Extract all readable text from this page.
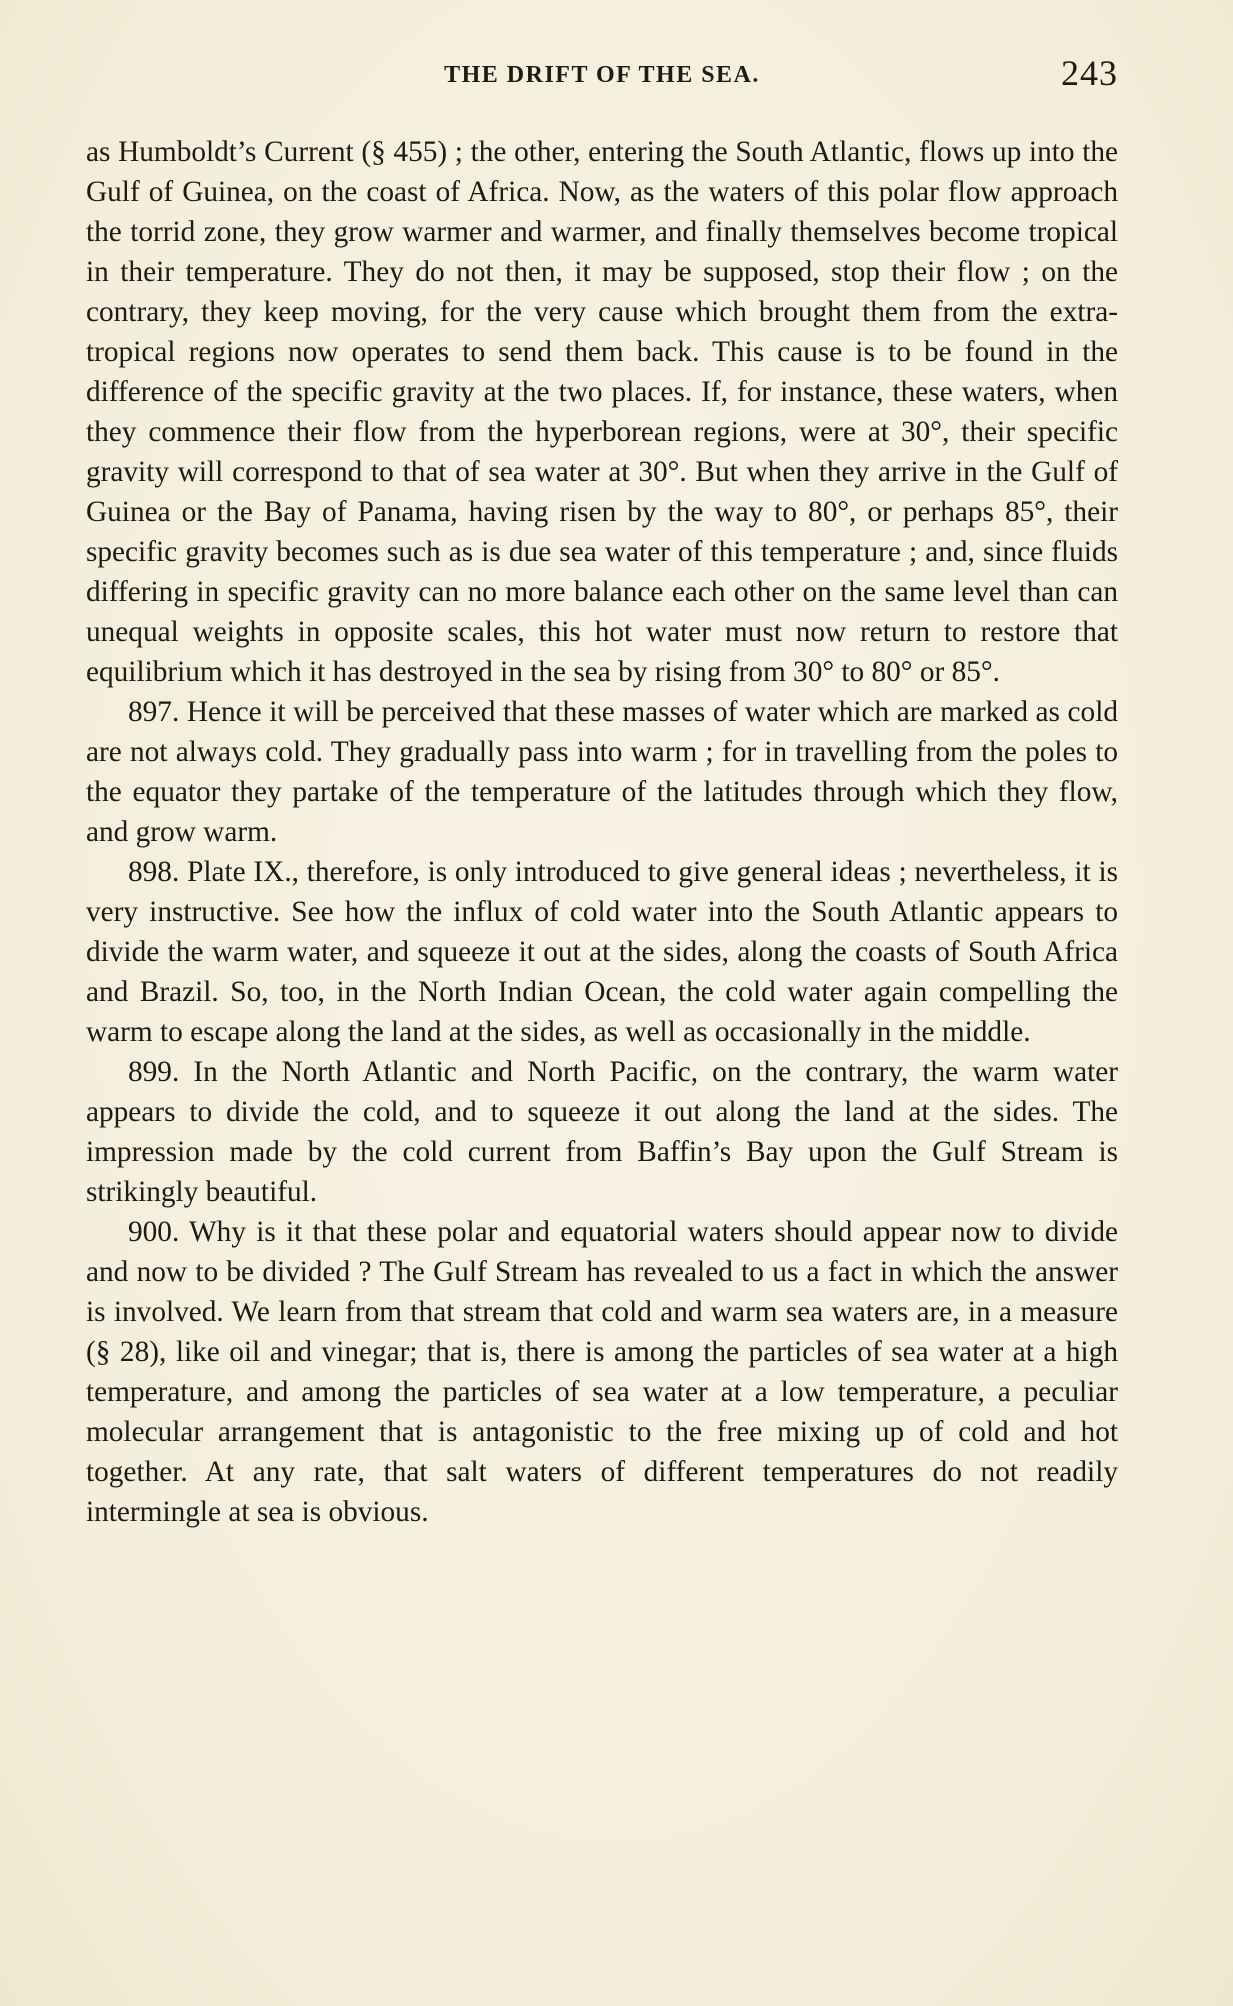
THE DRIFT OF THE SEA.	243

as Humboldt’s Current (§ 455) ; the other, entering the South Atlantic, flows up into the Gulf of Guinea, on the coast of Africa. Now, as the waters of this polar flow approach the torrid zone, they grow warmer and warmer, and finally themselves become tropical in their temperature. They do not then, it may be supposed, stop their flow ; on the contrary, they keep moving, for the very cause which brought them from the extra-tropical regions now operates to send them back. This cause is to be found in the difference of the specific gravity at the two places. If, for instance, these waters, when they commence their flow from the hyperborean regions, were at 30°, their specific gravity will correspond to that of sea water at 30°. But when they arrive in the Gulf of Guinea or the Bay of Panama, having risen by the way to 80°, or perhaps 85°, their specific gravity becomes such as is due sea water of this temperature ; and, since fluids differing in specific gravity can no more balance each other on the same level than can unequal weights in opposite scales, this hot water must now return to restore that equilibrium which it has destroyed in the sea by rising from 30° to 80° or 85°.

897. Hence it will be perceived that these masses of water which are marked as cold are not always cold. They gradually pass into warm ; for in travelling from the poles to the equator they partake of the temperature of the latitudes through which they flow, and grow warm.

898. Plate IX., therefore, is only introduced to give general ideas ; nevertheless, it is very instructive. See how the influx of cold water into the South Atlantic appears to divide the warm water, and squeeze it out at the sides, along the coasts of South Africa and Brazil. So, too, in the North Indian Ocean, the cold water again compelling the warm to escape along the land at the sides, as well as occasionally in the middle.

899. In the North Atlantic and North Pacific, on the contrary, the warm water appears to divide the cold, and to squeeze it out along the land at the sides. The impression made by the cold current from Baffin’s Bay upon the Gulf Stream is strikingly beautiful.

900. Why is it that these polar and equatorial waters should appear now to divide and now to be divided ? The Gulf Stream has revealed to us a fact in which the answer is involved. We learn from that stream that cold and warm sea waters are, in a measure (§ 28), like oil and vinegar; that is, there is among the particles of sea water at a high temperature, and among the particles of sea water at a low temperature, a peculiar molecular arrangement that is antagonistic to the free mixing up of cold and hot together. At any rate, that salt waters of different temperatures do not readily intermingle at sea is obvious.
